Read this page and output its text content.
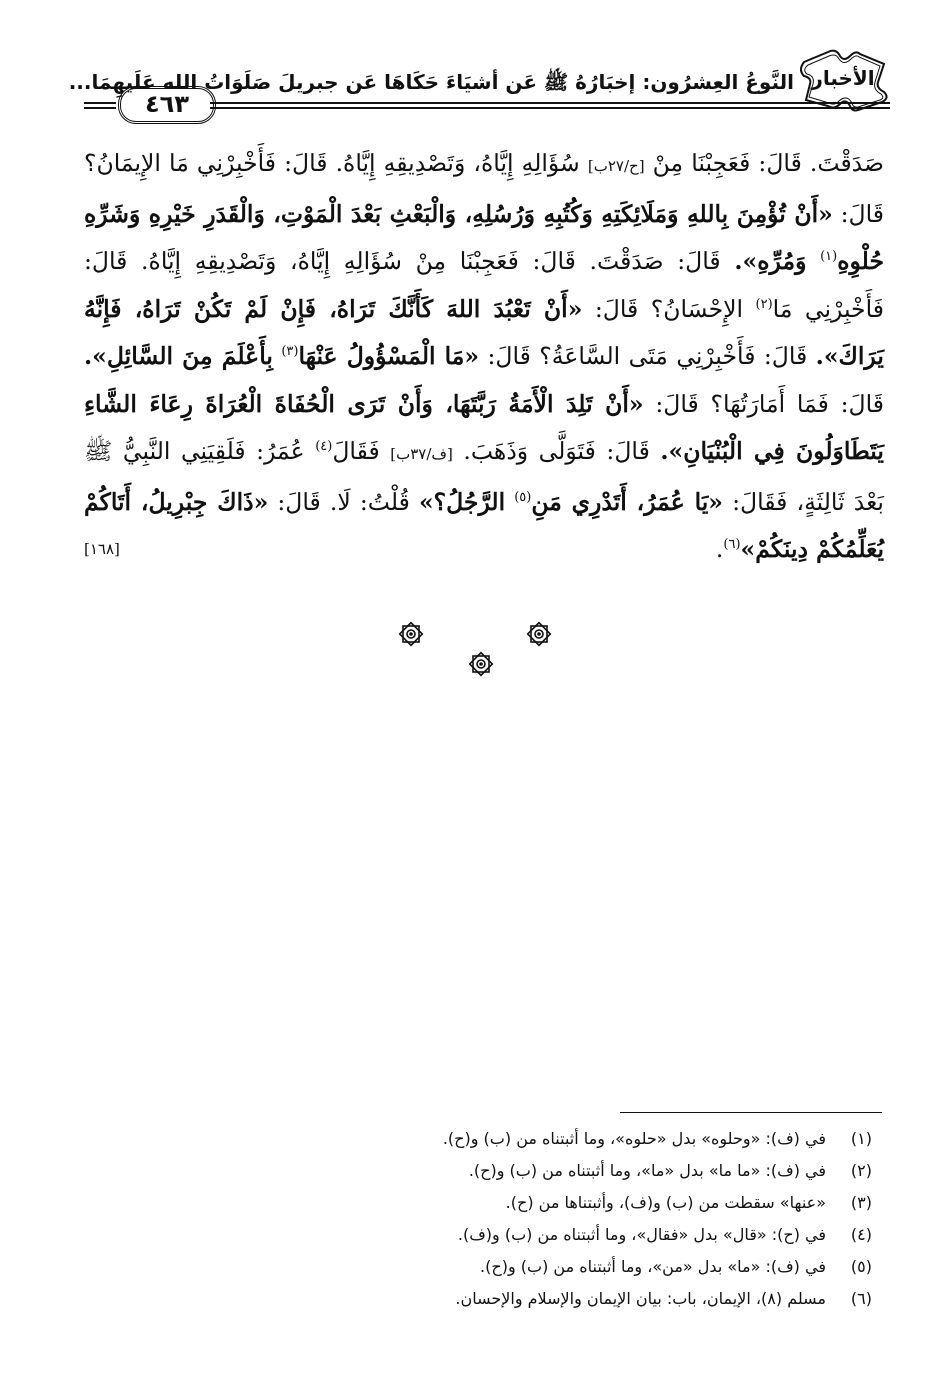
الأخبار
النَّوعُ العِشرُون: إخبَارُهُ ﷺ عَن أشيَاءَ حَكَاهَا عَن جبريلَ صَلَوَاتُ الله عَلَيهِمَا...
٤٦٣
صَدَقْتَ. قَالَ: فَعَجِبْنَا مِنْ [ح/٢٧ب] سُؤَالِهِ إِيَّاهُ، وَتَصْدِيقِهِ إِيَّاهُ. قَالَ: فَأَخْبِرْنِي مَا الإِيمَانُ؟ قَالَ: «أَنْ تُؤْمِنَ بِاللهِ وَمَلَائِكَتِهِ وَكُتُبِهِ وَرُسُلِهِ، وَالْبَعْثِ بَعْدَ الْمَوْتِ، وَالْقَدَرِ خَيْرِهِ وَشَرِّهِ حُلْوِهِ$^{(١)}$ وَمُرِّهِ». قَالَ: صَدَقْتَ. قَالَ: فَعَجِبْنَا مِنْ سُؤَالِهِ إِيَّاهُ، وَتَصْدِيقِهِ إِيَّاهُ. قَالَ: فَأَخْبِرْنِي مَا$^{(٢)}$ الإِحْسَانُ؟ قَالَ: «أَنْ تَعْبُدَ اللهَ كَأَنَّكَ تَرَاهُ، فَإِنْ لَمْ تَكُنْ تَرَاهُ، فَإِنَّهُ يَرَاكَ». قَالَ: فَأَخْبِرْنِي مَتَى السَّاعَةُ؟ قَالَ: «مَا الْمَسْؤُولُ عَنْهَا$^{(٣)}$ بِأَعْلَمَ مِنَ السَّائِلِ». قَالَ: فَمَا أَمَارَتُهَا؟ قَالَ: «أَنْ تَلِدَ الْأَمَةُ رَبَّتَهَا، وَأَنْ تَرَى الْحُفَاةَ الْعُرَاةَ رِعَاءَ الشَّاءِ يَتَطَاوَلُونَ فِي الْبُنْيَانِ». قَالَ: فَتَوَلَّى وَذَهَبَ. [ف/٣٧ب] فَقَالَ$^{(٤)}$ عُمَرُ: فَلَقِيَنِي النَّبِيُّ ﷺ بَعْدَ ثَالِثَةٍ، فَقَالَ: «يَا عُمَرُ، أَتَدْرِي مَنِ$^{(٥)}$ الرَّجُلُ؟» قُلْتُ: لَا. قَالَ: «ذَاكَ جِبْرِيلُ، أَتَاكُمْ يُعَلِّمُكُمْ دِينَكُمْ»$^{(٦)}$.
[١٦٨]
(١)في (ف): «وحلوه» بدل «حلوه»، وما أثبتناه من (ب) و(ح).
(٢)في (ف): «ما ما» بدل «ما»، وما أثبتناه من (ب) و(ح).
(٣)«عنها» سقطت من (ب) و(ف)، وأثبتناها من (ح).
(٤)في (ح): «قال» بدل «فقال»، وما أثبتناه من (ب) و(ف).
(٥)في (ف): «ما» بدل «من»، وما أثبتناه من (ب) و(ح).
(٦)مسلم (٨)، الإيمان، باب: بيان الإيمان والإسلام والإحسان.
